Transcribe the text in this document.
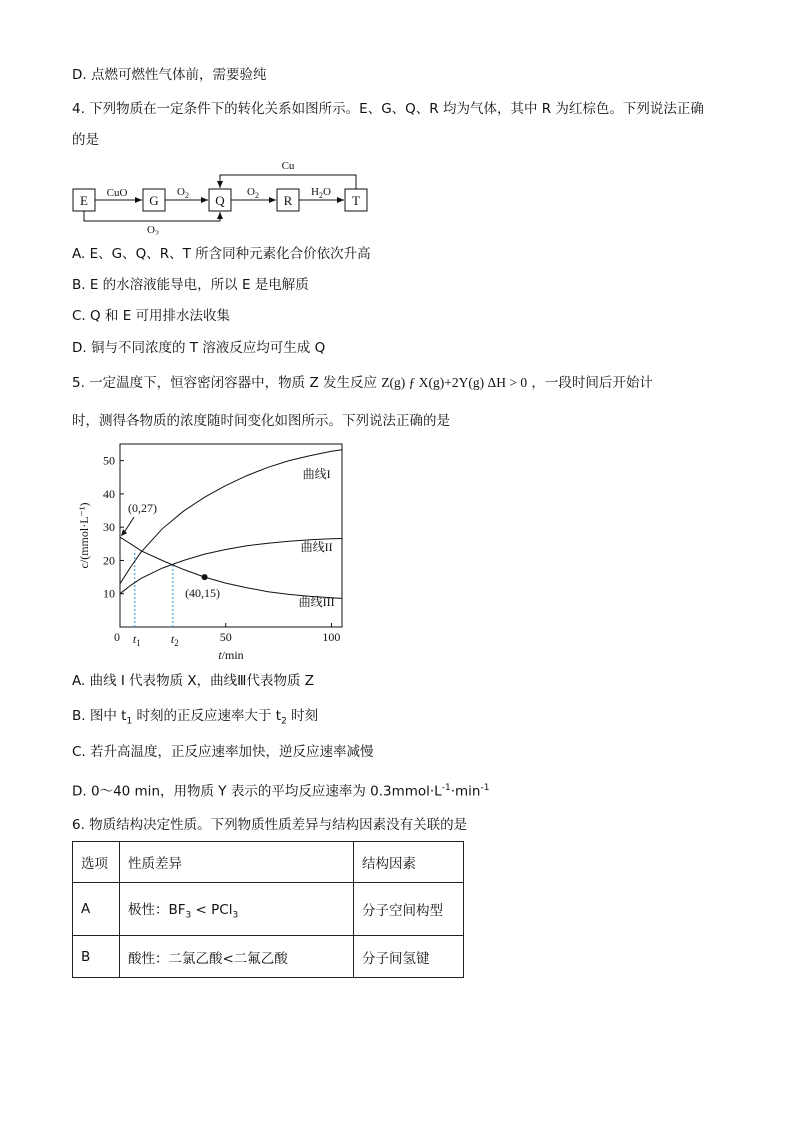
D. 点燃可燃性气体前，需要验纯
4. 下列物质在一定条件下的转化关系如图所示。E、G、Q、R 均为气体，其中 R 为红棕色。下列说法正确
的是
E	G	Q	R	T
CuO	$O_2$
$O_2$
$O_2$	$H_2O$
Cu
A. E、G、Q、R、T 所含同种元素化合价依次升高
B. E 的水溶液能导电，所以 E 是电解质
C. Q 和 E 可用排水法收集
D. 铜与不同浓度的 T 溶液反应均可生成 Q
5. 一定温度下，恒容密闭容器中，物质 Z 发生反应 Z(g) ƒ X(g)+2Y(g) ΔH > 0 ，一段时间后开始计
时，测得各物质的浓度随时间变化如图所示。下列说法正确的是
10
20
30
40
50
0	50	100
$t_1$	$t_2$
曲线I
曲线II
曲线III
(0,27)
(40,15)
t/min
c/(mmol·L⁻¹)
A. 曲线 I 代表物质 X，曲线Ⅲ代表物质 Z
B. 图中 $t_1$ 时刻的正反应速率大于 $t_2$ 时刻
C. 若升高温度，正反应速率加快，逆反应速率减慢
D. 0～40 min，用物质 Y 表示的平均反应速率为 $0.3mmol\cdot L^{-1}\cdot\min^{-1}$
6. 物质结构决定性质。下列物质性质差异与结构因素没有关联的是
选项	性质差异	结构因素
A	极性：$BF_3 < PCl_3$	分子空间构型
B	酸性：二氯乙酸<二氟乙酸	分子间氢键
